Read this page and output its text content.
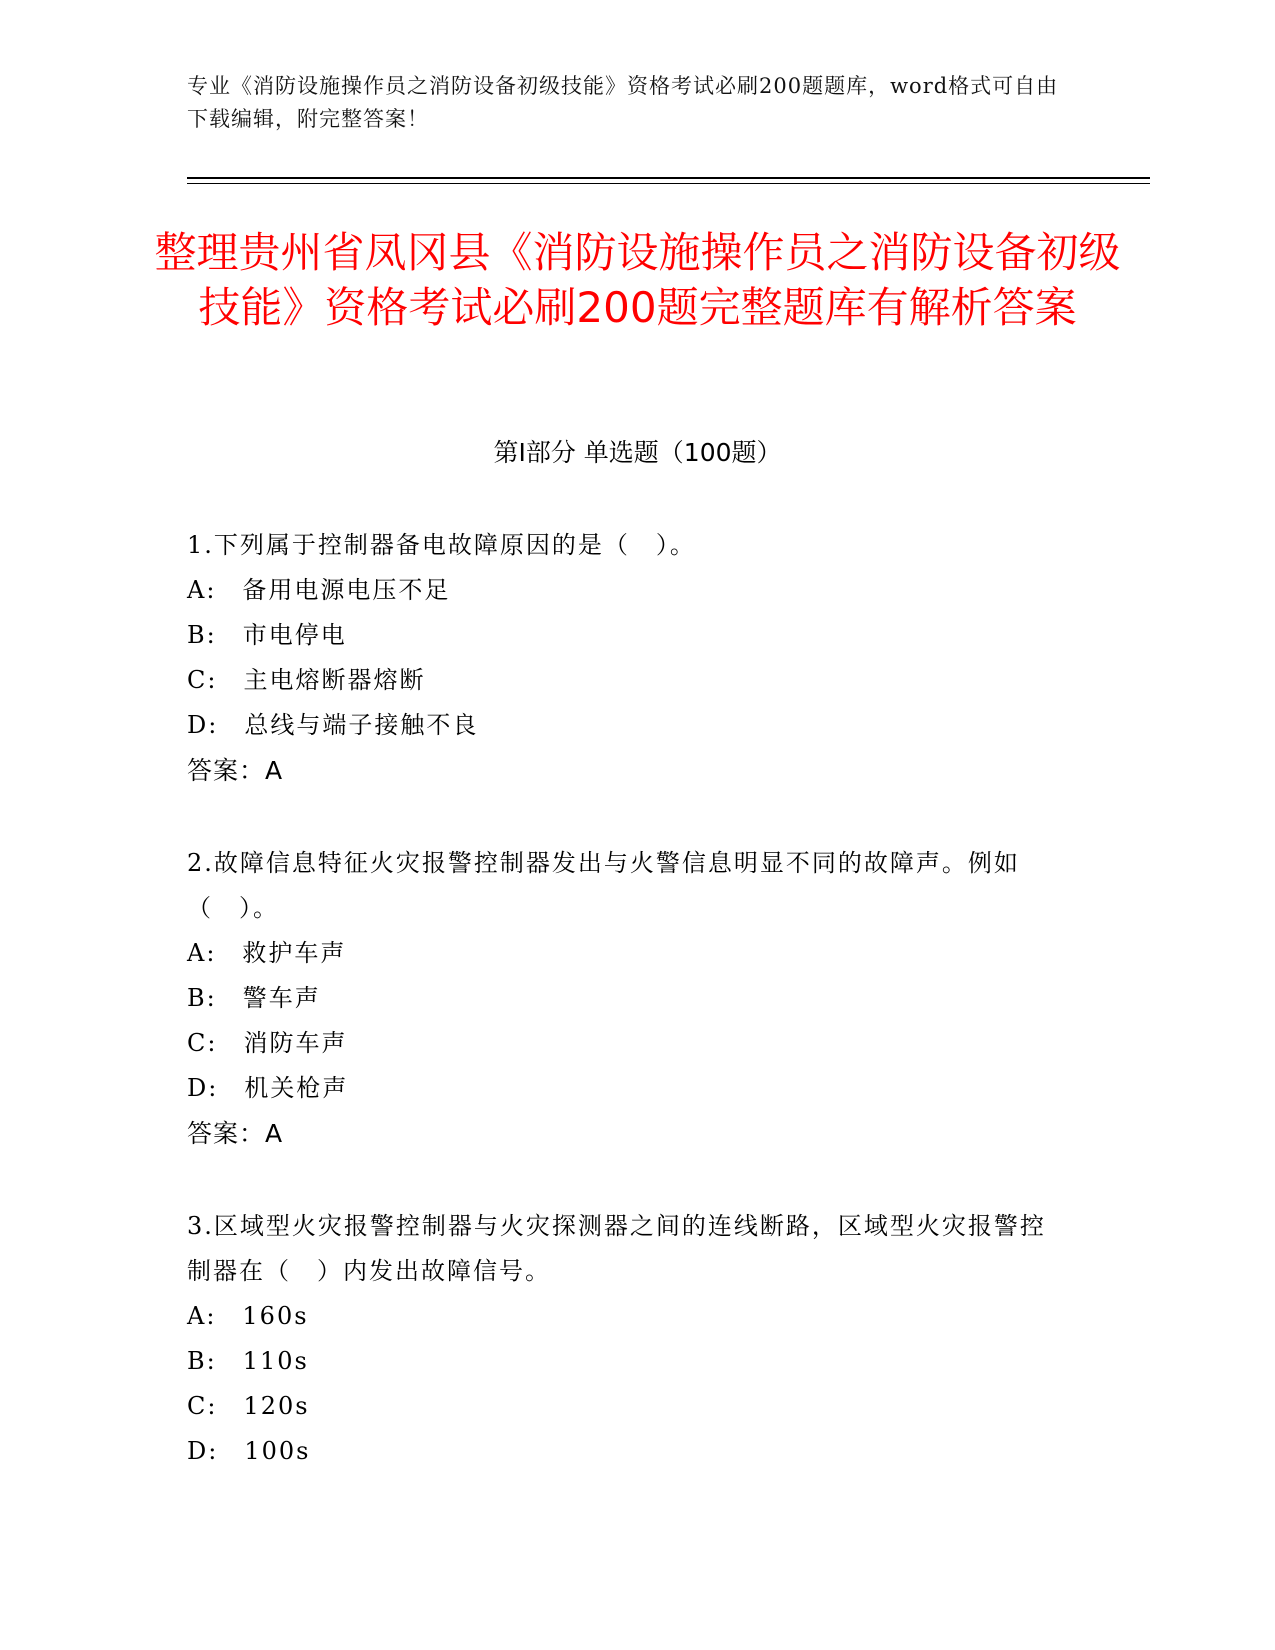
专业《消防设施操作员之消防设备初级技能》资格考试必刷200题题库，word格式可自由下载编辑，附完整答案！
整理贵州省凤冈县《消防设施操作员之消防设备初级技能》资格考试必刷200题完整题库有解析答案
第Ⅰ部分 单选题（100题）
1.下列属于控制器备电故障原因的是（　）。
A:　备用电源电压不足
B:　市电停电
C:　主电熔断器熔断
D:　总线与端子接触不良
答案：A
2.故障信息特征火灾报警控制器发出与火警信息明显不同的故障声。例如（　）。
A:　救护车声
B:　警车声
C:　消防车声
D:　机关枪声
答案：A
3.区域型火灾报警控制器与火灾探测器之间的连线断路，区域型火灾报警控制器在（　）内发出故障信号。
A:　160s
B:　110s
C:　120s
D:　100s
